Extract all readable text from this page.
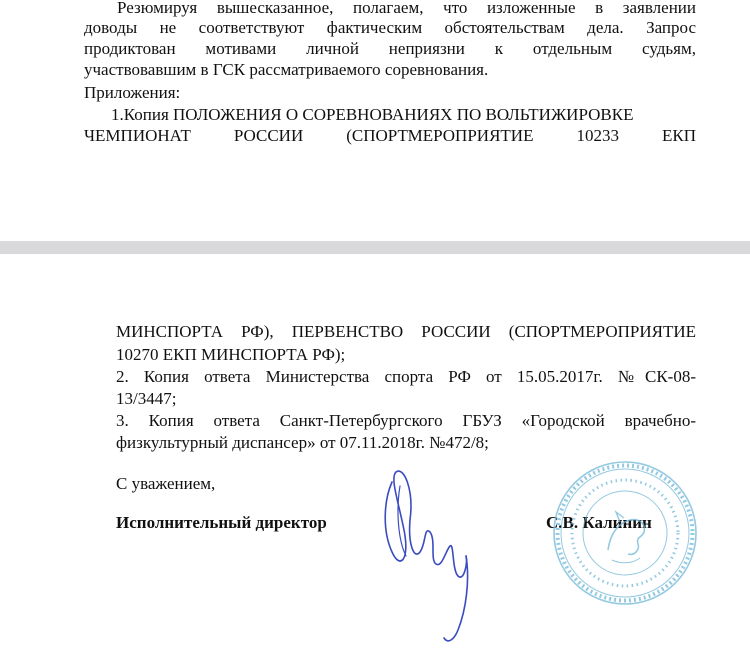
Резюмируя вышесказанное, полагаем, что изложенные в заявлении
доводы не соответствуют фактическим обстоятельствам дела. Запрос
продиктован мотивами личной неприязни к отдельным судьям,
участвовавшим в ГСК рассматриваемого соревнования.
Приложения:
1.Копия ПОЛОЖЕНИЯ О СОРЕВНОВАНИЯХ ПО ВОЛЬТИЖИРОВКЕ
ЧЕМПИОНАТ РОССИИ (СПОРТМЕРОПРИЯТИЕ 10233 ЕКП
МИНСПОРТА РФ), ПЕРВЕНСТВО РОССИИ (СПОРТМЕРОПРИЯТИЕ
10270 ЕКП МИНСПОРТА РФ);
2. Копия ответа Министерства спорта РФ от 15.05.2017г. №СК-08-
13/3447;
3. Копия ответа Санкт-Петербургского ГБУЗ «Городской врачебно-
физкультурный диспансер» от 07.11.2018г. №472/8;
С уважением,
Исполнительный директор	С.В. Калинин
